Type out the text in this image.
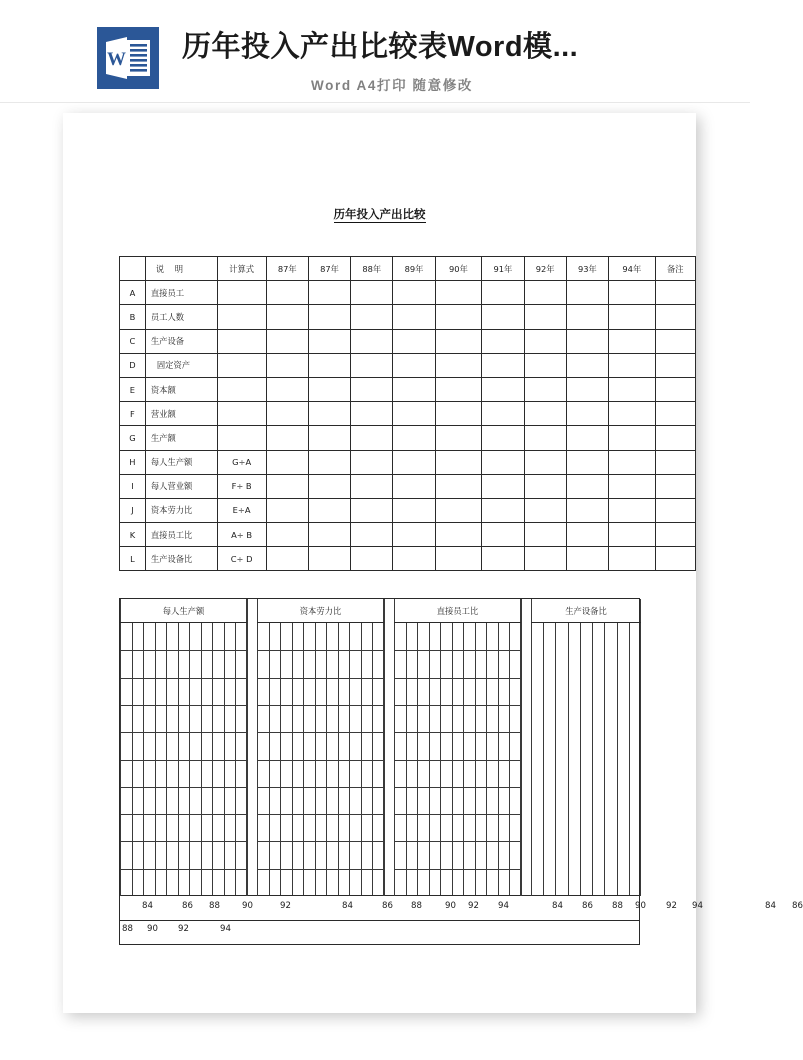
W 历年投入产出比较表Word模...
Word A4打印 随意修改
历年投入产出比较
	说 明	计算式	87年	87年	88年	89年	90年	91年	92年	93年	94年	备注
A	直接员工											
B	员工人数											
C	生产设备											
D	固定资产											
E	资本额											
F	营业额											
G	生产额											
H	每人生产额	G÷A										
I	每人营业额	F÷ B										
J	资本劳力比	E÷A										
K	直接员工比	A÷ B										
L	生产设备比	C÷ D										
每人生产额	资本劳力比	直接员工比	生产设备比
84	86 88	90	92	84	86 88	90 92 94	84 86 88 90 92 94	84 86
88 90 92	94
